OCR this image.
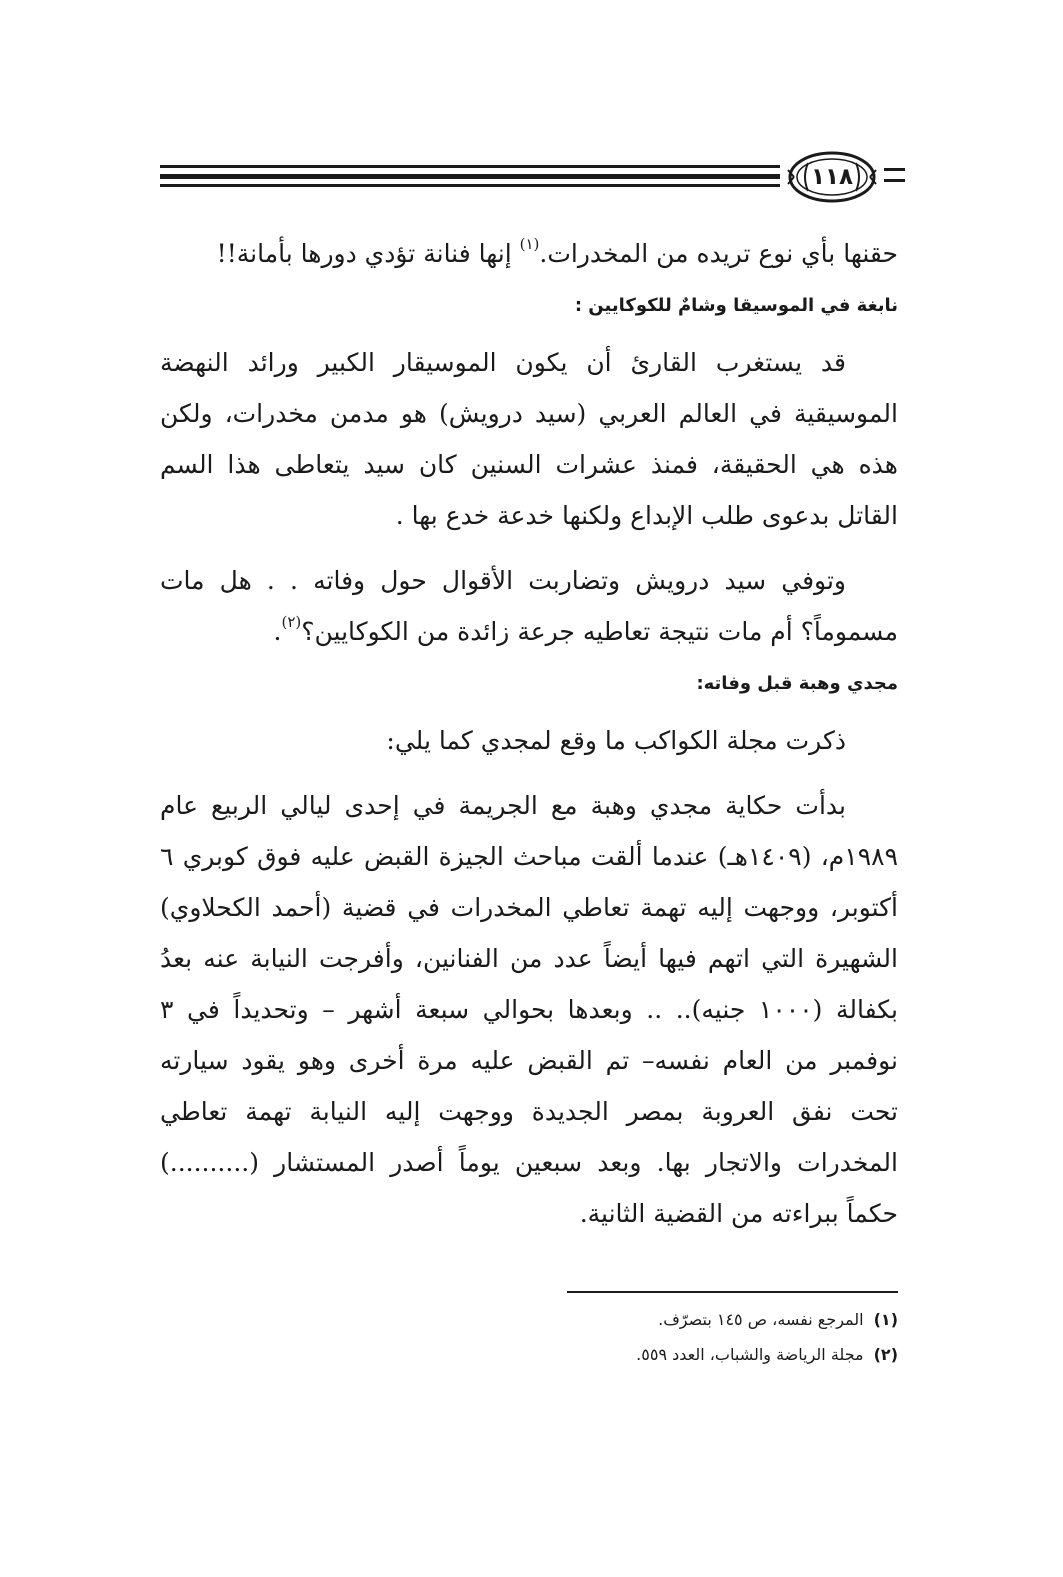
١١٨

حقنها بأي نوع تريده من المخدرات.$^{(١)}$ إنها فنانة تؤدي دورها بأمانة!!

نابغة في الموسيقا وشامٌ للكوكايين :

قد يستغرب القارئ أن يكون الموسيقار الكبير ورائد النهضة الموسيقية في العالم العربي (سيد درويش) هو مدمن مخدرات، ولكن هذه هي الحقيقة، فمنذ عشرات السنين كان سيد يتعاطى هذا السم القاتل بدعوى طلب الإبداع ولكنها خدعة خدع بها .

وتوفي سيد درويش وتضاربت الأقوال حول وفاته . . هل مات مسموماً؟ أم مات نتيجة تعاطيه جرعة زائدة من الكوكايين؟$^{(٢)}$.

مجدي وهبة قبل وفاته:

ذكرت مجلة الكواكب ما وقع لمجدي كما يلي:

بدأت حكاية مجدي وهبة مع الجريمة في إحدى ليالي الربيع عام ١٩٨٩م، (١٤٠٩هـ) عندما ألقت مباحث الجيزة القبض عليه فوق كوبري ٦ أكتوبر، ووجهت إليه تهمة تعاطي المخدرات في قضية (أحمد الكحلاوي) الشهيرة التي اتهم فيها أيضاً عدد من الفنانين، وأفرجت النيابة عنه بعدُ بكفالة (١٠٠٠ جنيه).. .. وبعدها بحوالي سبعة أشهر – وتحديداً في ٣ نوفمبر من العام نفسه– تم القبض عليه مرة أخرى وهو يقود سيارته تحت نفق العروبة بمصر الجديدة ووجهت إليه النيابة تهمة تعاطي المخدرات والاتجار بها. وبعد سبعين يوماً أصدر المستشار (..........) حكماً ببراءته من القضية الثانية.

(١)المرجع نفسه، ص ١٤٥ بتصرّف.

(٢)مجلة الرياضة والشباب، العدد ٥٥٩.
